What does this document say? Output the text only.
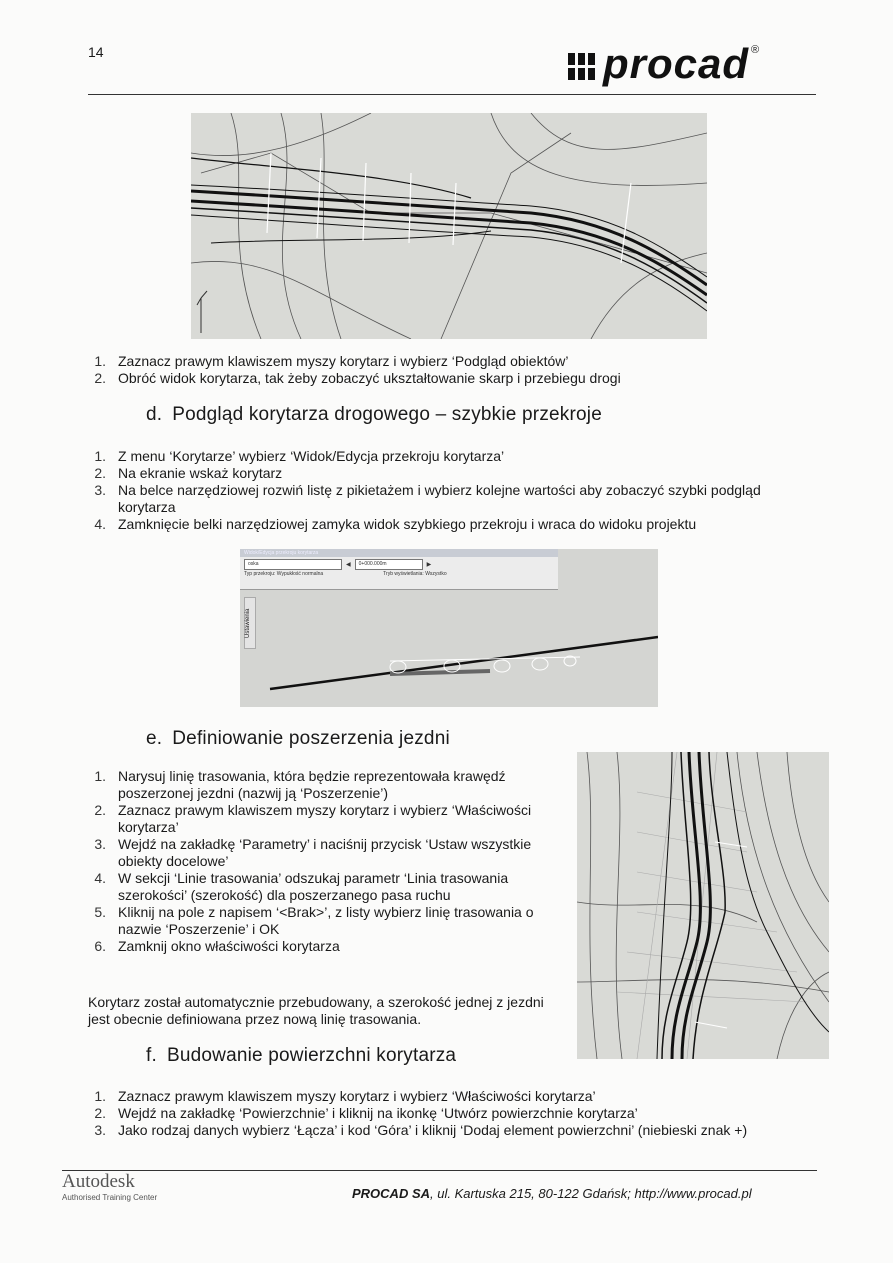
14	procad ®
1. Zaznacz prawym klawiszem myszy korytarz i wybierz ‘Podgląd obiektów’
2. Obróć widok korytarza, tak żeby zobaczyć ukształtowanie skarp i przebiegu drogi
d. Podgląd korytarza drogowego – szybkie przekroje
1. Z menu ‘Korytarze’ wybierz ‘Widok/Edycja przekroju korytarza’
2. Na ekranie wskaż korytarz
3. Na belce narzędziowej rozwiń listę z pikietażem i wybierz kolejne wartości aby zobaczyć szybki podgląd korytarza
4. Zamknięcie belki narzędziowej zamyka widok szybkiego przekroju i wraca do widoku projektu
Widok/Edycja przekroju korytarza
oska	◀	0+000.000m	▶
Typ przekroju: Wypukłość normalna	Tryb wyświetlania: Wszystko
Ustawienia
e. Definiowanie poszerzenia jezdni
1. Narysuj linię trasowania, która będzie reprezentowała krawędź poszerzonej jezdni (nazwij ją ‘Poszerzenie’)
2. Zaznacz prawym klawiszem myszy korytarz i wybierz ‘Właściwości korytarza’
3. Wejdź na zakładkę ‘Parametry’ i naciśnij przycisk ‘Ustaw wszystkie obiekty docelowe’
4. W sekcji ‘Linie trasowania’ odszukaj parametr ‘Linia trasowania szerokości’ (szerokość) dla poszerzanego pasa ruchu
5. Kliknij na pole z napisem ‘<Brak>’, z listy wybierz linię trasowania o nazwie ‘Poszerzenie’ i OK
6. Zamknij okno właściwości korytarza
Korytarz został automatycznie przebudowany, a szerokość jednej z jezdni jest obecnie definiowana przez nową linię trasowania.
f. Budowanie powierzchni korytarza
1. Zaznacz prawym klawiszem myszy korytarz i wybierz ‘Właściwości korytarza’
2. Wejdź na zakładkę ‘Powierzchnie’ i kliknij na ikonkę ‘Utwórz powierzchnie korytarza’
3. Jako rodzaj danych wybierz ‘Łącza’ i kod ‘Góra’ i kliknij ‘Dodaj element powierzchni’ (niebieski znak +)
Autodesk
Authorised Training Center	PROCAD SA, ul. Kartuska 215, 80-122 Gdańsk; http://www.procad.pl
